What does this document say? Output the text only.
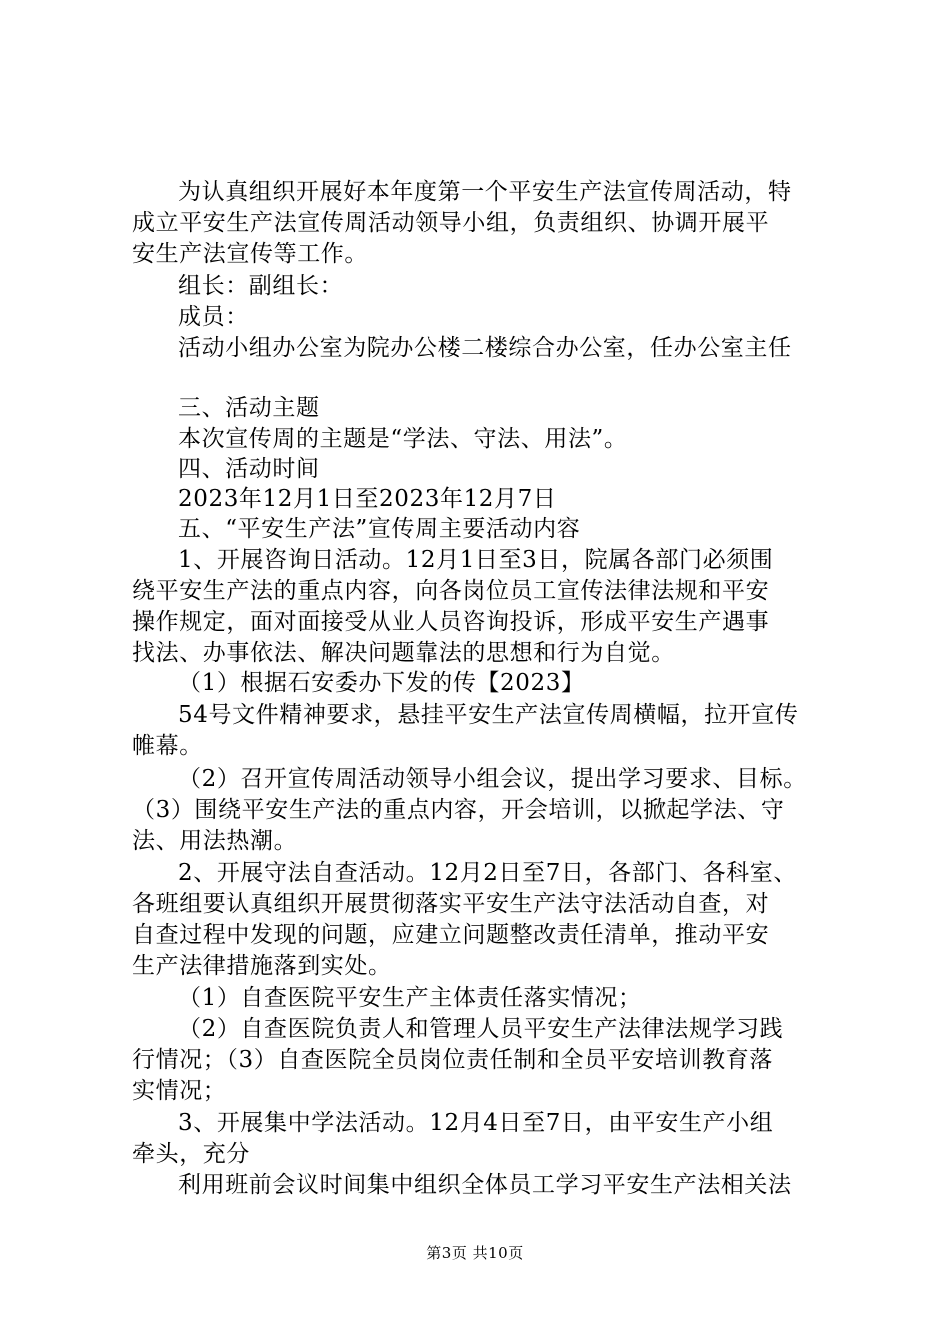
为认真组织开展好本年度第一个平安生产法宣传周活动，特
成立平安生产法宣传周活动领导小组，负责组织、协调开展平
安生产法宣传等工作。
组长：副组长：
成员：
活动小组办公室为院办公楼二楼综合办公室，任办公室主任
三、活动主题
本次宣传周的主题是“学法、守法、用法”。
四、活动时间
2023年12月1日至2023年12月7日
五、“平安生产法”宣传周主要活动内容
1、开展咨询日活动。12月1日至3日，院属各部门必须围
绕平安生产法的重点内容，向各岗位员工宣传法律法规和平安
操作规定，面对面接受从业人员咨询投诉，形成平安生产遇事
找法、办事依法、解决问题靠法的思想和行为自觉。
（1）根据石安委办下发的传【2023】
54号文件精神要求，悬挂平安生产法宣传周横幅，拉开宣传
帷幕。
（2）召开宣传周活动领导小组会议，提出学习要求、目标。
（3）围绕平安生产法的重点内容，开会培训，以掀起学法、守
法、用法热潮。
2、开展守法自查活动。12月2日至7日，各部门、各科室、
各班组要认真组织开展贯彻落实平安生产法守法活动自查，对
自查过程中发现的问题，应建立问题整改责任清单，推动平安
生产法律措施落到实处。
（1）自查医院平安生产主体责任落实情况；
（2）自查医院负责人和管理人员平安生产法律法规学习践
行情况；（3）自查医院全员岗位责任制和全员平安培训教育落
实情况；
3、开展集中学法活动。12月4日至7日，由平安生产小组
牵头，充分
利用班前会议时间集中组织全体员工学习平安生产法相关法
第3页 共10页
